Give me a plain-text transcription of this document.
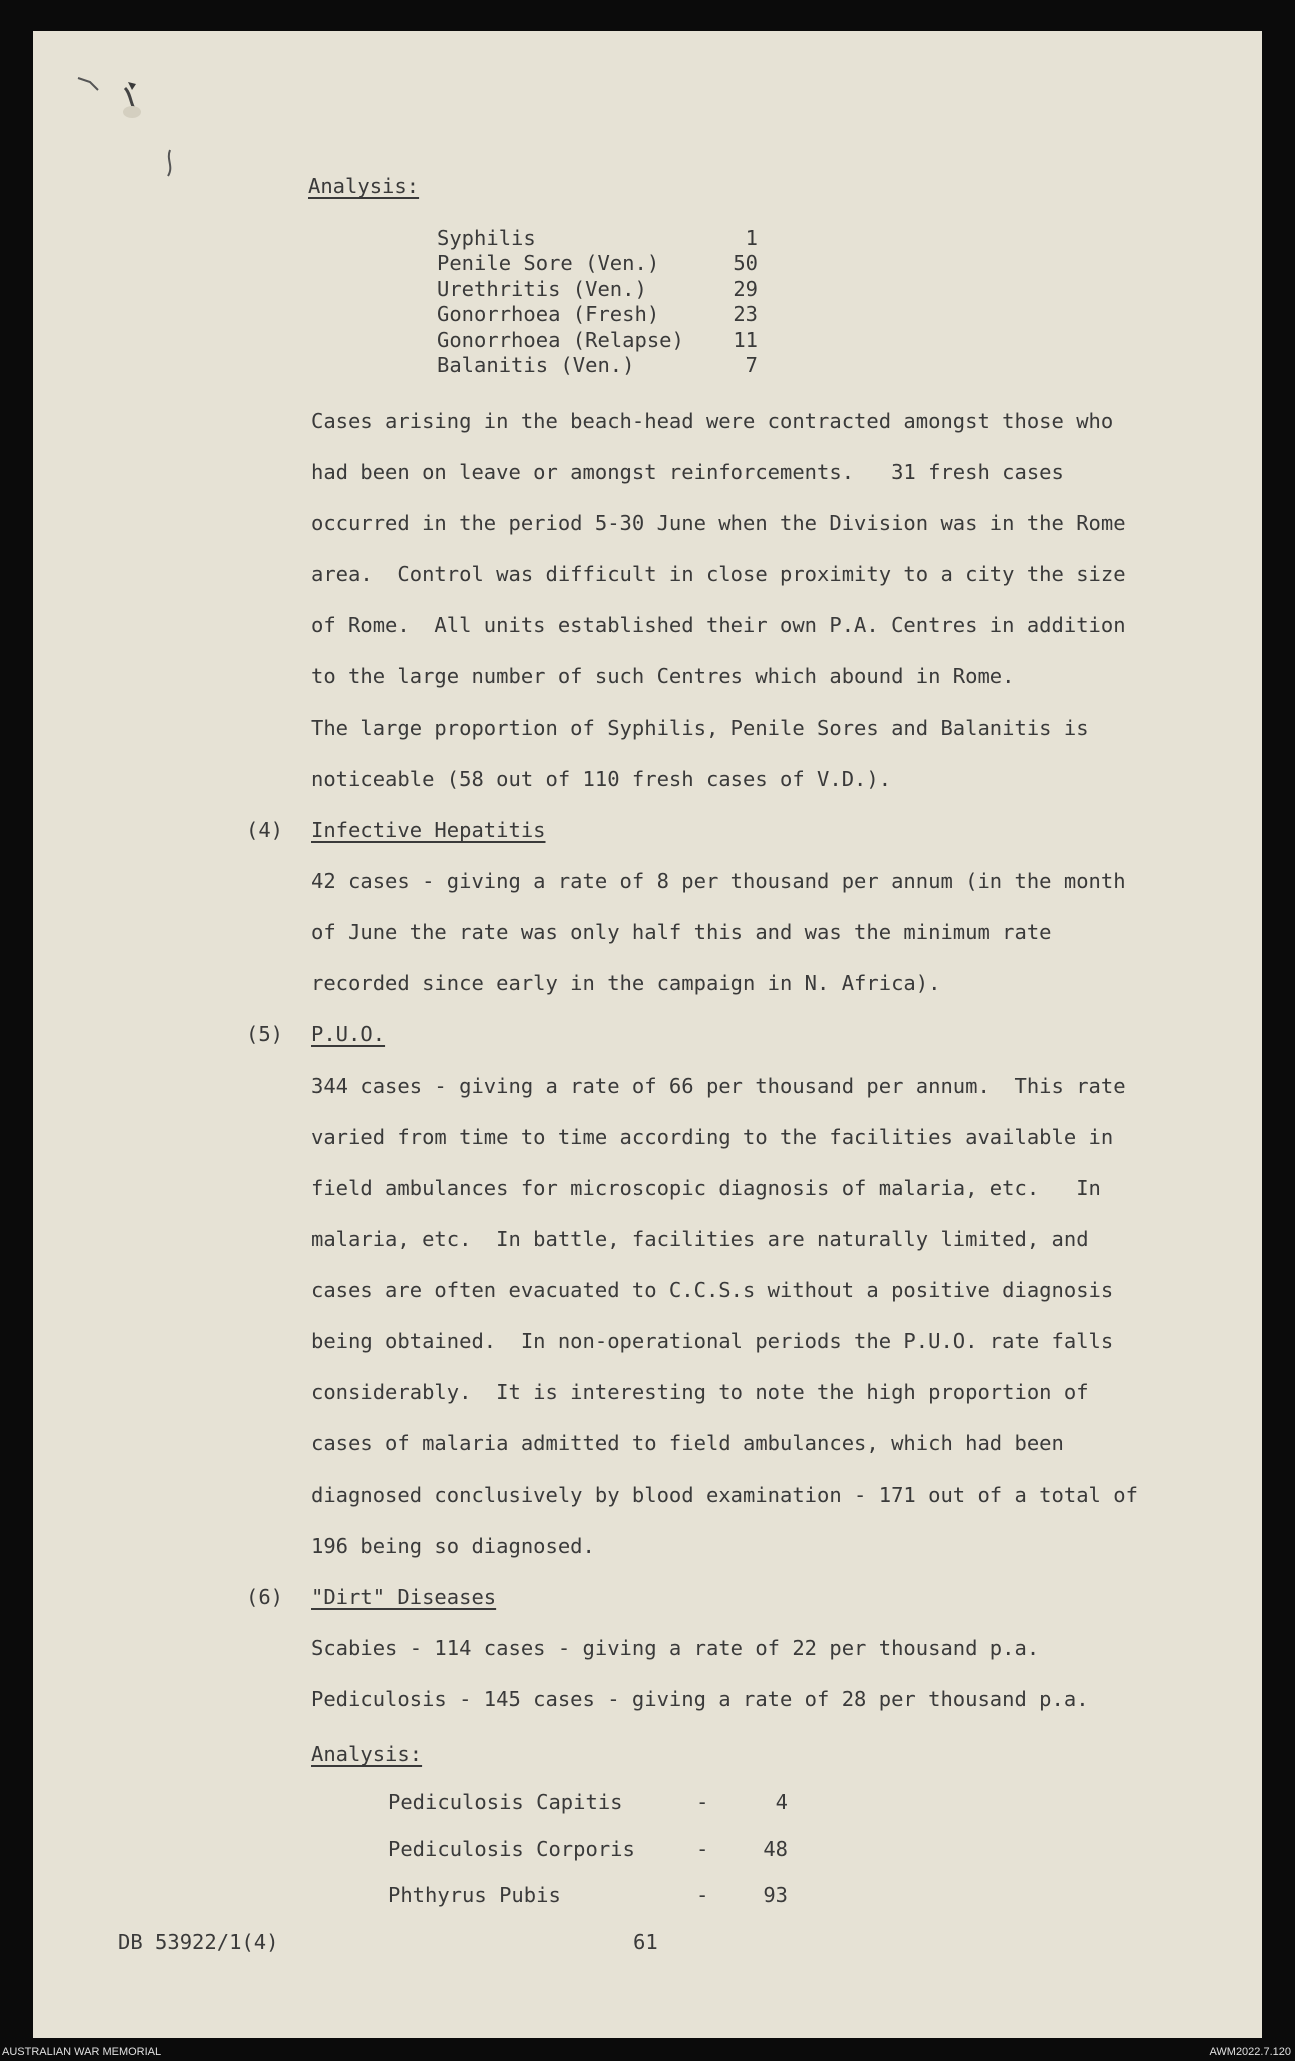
Analysis:
Syphilis	1
Penile Sore (Ven.)	50
Urethritis (Ven.)	29
Gonorrhoea (Fresh)	23
Gonorrhoea (Relapse)	11
Balanitis (Ven.)	7
Cases arising in the beach-head were contracted amongst those who
had been on leave or amongst reinforcements.   31 fresh cases
occurred in the period 5-30 June when the Division was in the Rome
area.  Control was difficult in close proximity to a city the size
of Rome.  All units established their own P.A. Centres in addition
to the large number of such Centres which abound in Rome.
The large proportion of Syphilis, Penile Sores and Balanitis is
noticeable (58 out of 110 fresh cases of V.D.).
(4) Infective Hepatitis
42 cases - giving a rate of 8 per thousand per annum (in the month
of June the rate was only half this and was the minimum rate
recorded since early in the campaign in N. Africa).
(5) P.U.O.
344 cases - giving a rate of 66 per thousand per annum.  This rate
varied from time to time according to the facilities available in
field ambulances for microscopic diagnosis of malaria, etc.   In
malaria, etc.  In battle, facilities are naturally limited, and
cases are often evacuated to C.C.S.s without a positive diagnosis
being obtained.  In non-operational periods the P.U.O. rate falls
considerably.  It is interesting to note the high proportion of
cases of malaria admitted to field ambulances, which had been
diagnosed conclusively by blood examination - 171 out of a total of
196 being so diagnosed.
(6) "Dirt" Diseases
Scabies - 114 cases - giving a rate of 22 per thousand p.a.
Pediculosis - 145 cases - giving a rate of 28 per thousand p.a.
Analysis:
Pediculosis Capitis	-	4
Pediculosis Corporis	-	48
Phthyrus Pubis	-	93
DB 53922/1(4)	61
AUSTRALIAN WAR MEMORIAL	AWM2022.7.120
